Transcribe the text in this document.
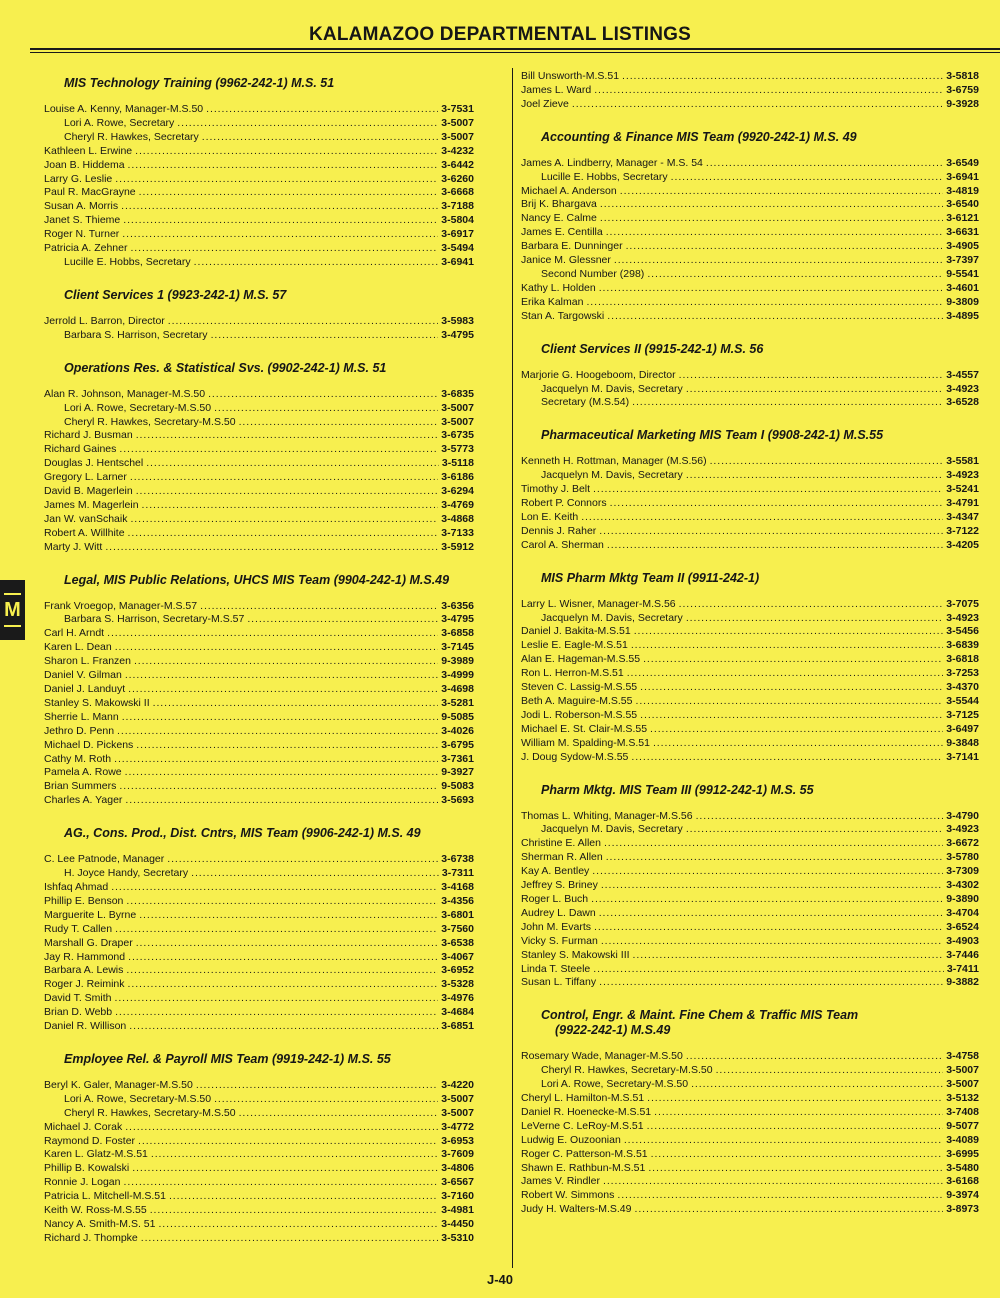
KALAMAZOO DEPARTMENTAL LISTINGS
M
MIS Technology Training (9962-242-1) M.S. 51
Louise A. Kenny, Manager-M.S.50 . . .	3-7531
Lori A. Rowe, Secretary . . .	3-5007
Cheryl R. Hawkes, Secretary . . .	3-5007
Kathleen L. Erwine . . .	3-4232
Joan B. Hiddema . . .	3-6442
Larry G. Leslie . . .	3-6260
Paul R. MacGrayne . . .	3-6668
Susan A. Morris . . .	3-7188
Janet S. Thieme . . .	3-5804
Roger N. Turner . . .	3-6917
Patricia A. Zehner . . .	3-5494
Lucille E. Hobbs, Secretary . . .	3-6941
Client Services 1 (9923-242-1) M.S. 57
Jerrold L. Barron, Director . . .	3-5983
Barbara S. Harrison, Secretary . . .	3-4795
Operations Res. & Statistical Svs. (9902-242-1) M.S. 51
Alan R. Johnson, Manager-M.S.50 . . .	3-6835
Lori A. Rowe, Secretary-M.S.50 . . .	3-5007
Cheryl R. Hawkes, Secretary-M.S.50 . . .	3-5007
Richard J. Busman . . .	3-6735
Richard Gaines . . .	3-5773
Douglas J. Hentschel . . .	3-5118
Gregory L. Larner . . .	3-6186
David B. Magerlein . . .	3-6294
James M. Magerlein . . .	3-4769
Jan W. vanSchaik . . .	3-4868
Robert A. Willhite . . .	3-7133
Marty J. Witt . . .	3-5912
Legal, MIS Public Relations, UHCS MIS Team (9904-242-1) M.S.49
Frank Vroegop, Manager-M.S.57 . . .	3-6356
Barbara S. Harrison, Secretary-M.S.57 . . .	3-4795
Carl H. Arndt . . .	3-6858
Karen L. Dean . . .	3-7145
Sharon L. Franzen . . .	9-3989
Daniel V. Gilman . . .	3-4999
Daniel J. Landuyt . . .	3-4698
Stanley S. Makowski II . . .	3-5281
Sherrie L. Mann . . .	9-5085
Jethro D. Penn . . .	3-4026
Michael D. Pickens . . .	3-6795
Cathy M. Roth . . .	3-7361
Pamela A. Rowe . . .	9-3927
Brian Summers . . .	9-5083
Charles A. Yager . . .	3-5693
AG., Cons. Prod., Dist. Cntrs, MIS Team (9906-242-1) M.S. 49
C. Lee Patnode, Manager . . .	3-6738
H. Joyce Handy, Secretary . . .	3-7311
Ishfaq Ahmad . . .	3-4168
Phillip E. Benson . . .	3-4356
Marguerite L. Byrne . . .	3-6801
Rudy T. Callen . . .	3-7560
Marshall G. Draper . . .	3-6538
Jay R. Hammond . . .	3-4067
Barbara A. Lewis . . .	3-6952
Roger J. Reimink . . .	3-5328
David T. Smith . . .	3-4976
Brian D. Webb . . .	3-4684
Daniel R. Willison . . .	3-6851
Employee Rel. & Payroll MIS Team (9919-242-1) M.S. 55
Beryl K. Galer, Manager-M.S.50 . . .	3-4220
Lori A. Rowe, Secretary-M.S.50 . . .	3-5007
Cheryl R. Hawkes, Secretary-M.S.50 . . .	3-5007
Michael J. Corak . . .	3-4772
Raymond D. Foster . . .	3-6953
Karen L. Glatz-M.S.51 . . .	3-7609
Phillip B. Kowalski . . .	3-4806
Ronnie J. Logan . . .	3-6567
Patricia L. Mitchell-M.S.51 . . .	3-7160
Keith W. Ross-M.S.55 . . .	3-4981
Nancy A. Smith-M.S. 51 . . .	3-4450
Richard J. Thompke . . .	3-5310
Bill Unsworth-M.S.51 . . .	3-5818
James L. Ward . . .	3-6759
Joel Zieve . . .	9-3928
Accounting & Finance MIS Team (9920-242-1) M.S. 49
James A. Lindberry, Manager - M.S. 54 . . .	3-6549
Lucille E. Hobbs, Secretary . . .	3-6941
Michael A. Anderson . . .	3-4819
Brij K. Bhargava . . .	3-6540
Nancy E. Calme . . .	3-6121
James E. Centilla . . .	3-6631
Barbara E. Dunninger . . .	3-4905
Janice M. Glessner . . .	3-7397
Second Number (298) . . .	9-5541
Kathy L. Holden . . .	3-4601
Erika Kalman . . .	9-3809
Stan A. Targowski . . .	3-4895
Client Services II (9915-242-1) M.S. 56
Marjorie G. Hoogeboom, Director . . .	3-4557
Jacquelyn M. Davis, Secretary . . .	3-4923
Secretary (M.S.54) . . .	3-6528
Pharmaceutical Marketing MIS Team I (9908-242-1) M.S.55
Kenneth H. Rottman, Manager (M.S.56) . . .	3-5581
Jacquelyn M. Davis, Secretary . . .	3-4923
Timothy J. Belt . . .	3-5241
Robert P. Connors . . .	3-4791
Lon E. Keith . . .	3-4347
Dennis J. Raher . . .	3-7122
Carol A. Sherman . . .	3-4205
MIS Pharm Mktg Team II (9911-242-1)
Larry L. Wisner, Manager-M.S.56 . . .	3-7075
Jacquelyn M. Davis, Secretary . . .	3-4923
Daniel J. Bakita-M.S.51 . . .	3-5456
Leslie E. Eagle-M.S.51 . . .	3-6839
Alan E. Hageman-M.S.55 . . .	3-6818
Ron L. Herron-M.S.51 . . .	3-7253
Steven C. Lassig-M.S.55 . . .	3-4370
Beth A. Maguire-M.S.55 . . .	3-5544
Jodi L. Roberson-M.S.55 . . .	3-7125
Michael E. St. Clair-M.S.55 . . .	3-6497
William M. Spalding-M.S.51 . . .	9-3848
J. Doug Sydow-M.S.55 . . .	3-7141
Pharm Mktg. MIS Team III (9912-242-1) M.S. 55
Thomas L. Whiting, Manager-M.S.56 . . .	3-4790
Jacquelyn M. Davis, Secretary . . .	3-4923
Christine E. Allen . . .	3-6672
Sherman R. Allen . . .	3-5780
Kay A. Bentley . . .	3-7309
Jeffrey S. Briney . . .	3-4302
Roger L. Buch . . .	9-3890
Audrey L. Dawn . . .	3-4704
John M. Evarts . . .	3-6524
Vicky S. Furman . . .	3-4903
Stanley S. Makowski III . . .	3-7446
Linda T. Steele . . .	3-7411
Susan L. Tiffany . . .	9-3882
Control, Engr. & Maint. Fine Chem & Traffic MIS Team
(9922-242-1) M.S.49
Rosemary Wade, Manager-M.S.50 . . .	3-4758
Cheryl R. Hawkes, Secretary-M.S.50 . . .	3-5007
Lori A. Rowe, Secretary-M.S.50 . . .	3-5007
Cheryl L. Hamilton-M.S.51 . . .	3-5132
Daniel R. Hoenecke-M.S.51 . . .	3-7408
LeVerne C. LeRoy-M.S.51 . . .	9-5077
Ludwig E. Ouzoonian . . .	3-4089
Roger C. Patterson-M.S.51 . . .	3-6995
Shawn E. Rathbun-M.S.51 . . .	3-5480
James V. Rindler . . .	3-6168
Robert W. Simmons . . .	9-3974
Judy H. Walters-M.S.49 . . .	3-8973
J-40
